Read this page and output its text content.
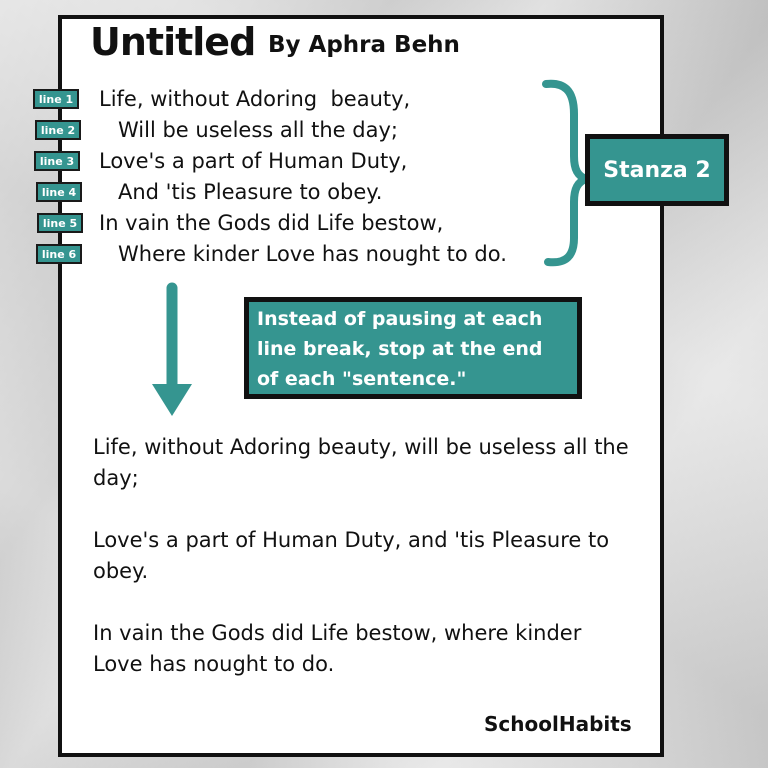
Untitled By Aphra Behn
line 1
line 2
line 3
line 4
line 5
line 6
Life, without Adoring  beauty,
Will be useless all the day;
Love's a part of Human Duty,
And 'tis Pleasure to obey.
In vain the Gods did Life bestow,
Where kinder Love has nought to do.
Stanza 2
Instead of pausing at each line break, stop at the end of each "sentence."
Life, without Adoring beauty, will be useless all the day;
Love's a part of Human Duty, and 'tis Pleasure to obey.
In vain the Gods did Life bestow, where kinder Love has nought to do.
SchoolHabits
